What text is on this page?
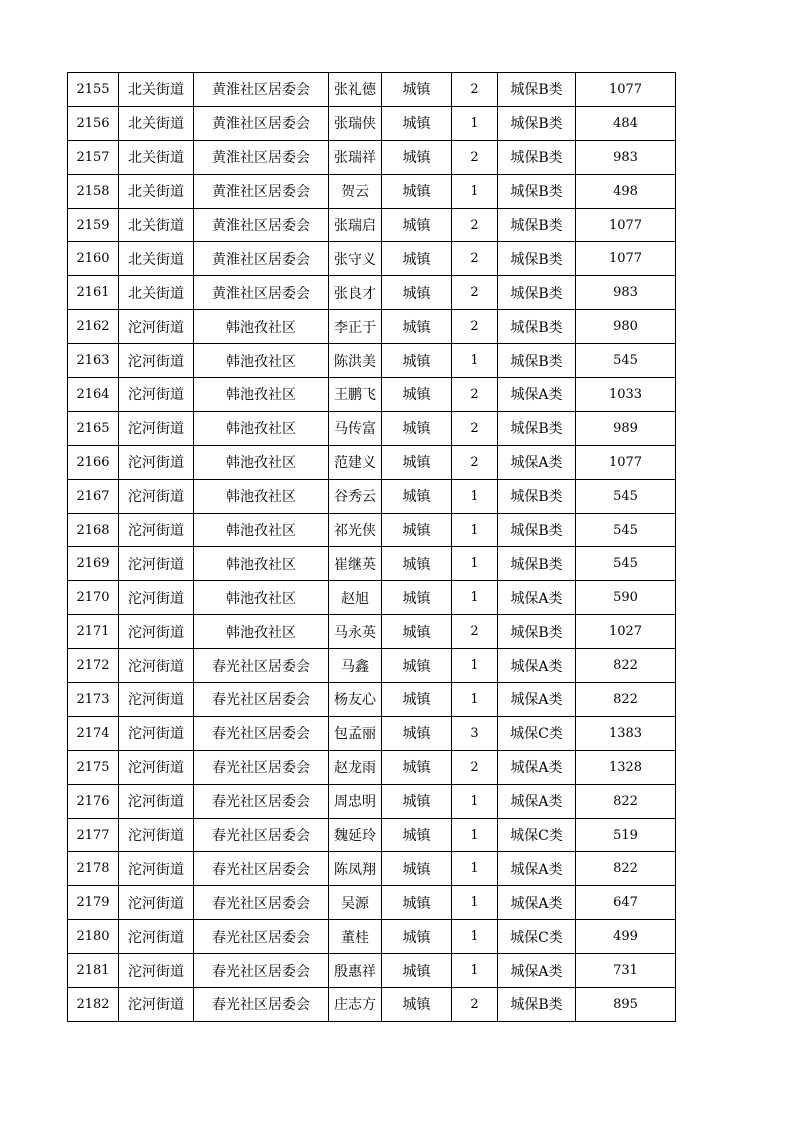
2155	北关街道	黄淮社区居委会	张礼德	城镇	2	城保B类	1077
2156	北关街道	黄淮社区居委会	张瑞侠	城镇	1	城保B类	484
2157	北关街道	黄淮社区居委会	张瑞祥	城镇	2	城保B类	983
2158	北关街道	黄淮社区居委会	贺云	城镇	1	城保B类	498
2159	北关街道	黄淮社区居委会	张瑞启	城镇	2	城保B类	1077
2160	北关街道	黄淮社区居委会	张守义	城镇	2	城保B类	1077
2161	北关街道	黄淮社区居委会	张良才	城镇	2	城保B类	983
2162	沱河街道	韩池孜社区	李正于	城镇	2	城保B类	980
2163	沱河街道	韩池孜社区	陈洪美	城镇	1	城保B类	545
2164	沱河街道	韩池孜社区	王鹏飞	城镇	2	城保A类	1033
2165	沱河街道	韩池孜社区	马传富	城镇	2	城保B类	989
2166	沱河街道	韩池孜社区	范建义	城镇	2	城保A类	1077
2167	沱河街道	韩池孜社区	谷秀云	城镇	1	城保B类	545
2168	沱河街道	韩池孜社区	祁光侠	城镇	1	城保B类	545
2169	沱河街道	韩池孜社区	崔继英	城镇	1	城保B类	545
2170	沱河街道	韩池孜社区	赵旭	城镇	1	城保A类	590
2171	沱河街道	韩池孜社区	马永英	城镇	2	城保B类	1027
2172	沱河街道	春光社区居委会	马鑫	城镇	1	城保A类	822
2173	沱河街道	春光社区居委会	杨友心	城镇	1	城保A类	822
2174	沱河街道	春光社区居委会	包孟丽	城镇	3	城保C类	1383
2175	沱河街道	春光社区居委会	赵龙雨	城镇	2	城保A类	1328
2176	沱河街道	春光社区居委会	周忠明	城镇	1	城保A类	822
2177	沱河街道	春光社区居委会	魏延玲	城镇	1	城保C类	519
2178	沱河街道	春光社区居委会	陈凤翔	城镇	1	城保A类	822
2179	沱河街道	春光社区居委会	吴源	城镇	1	城保A类	647
2180	沱河街道	春光社区居委会	董桂	城镇	1	城保C类	499
2181	沱河街道	春光社区居委会	殷惠祥	城镇	1	城保A类	731
2182	沱河街道	春光社区居委会	庄志方	城镇	2	城保B类	895
